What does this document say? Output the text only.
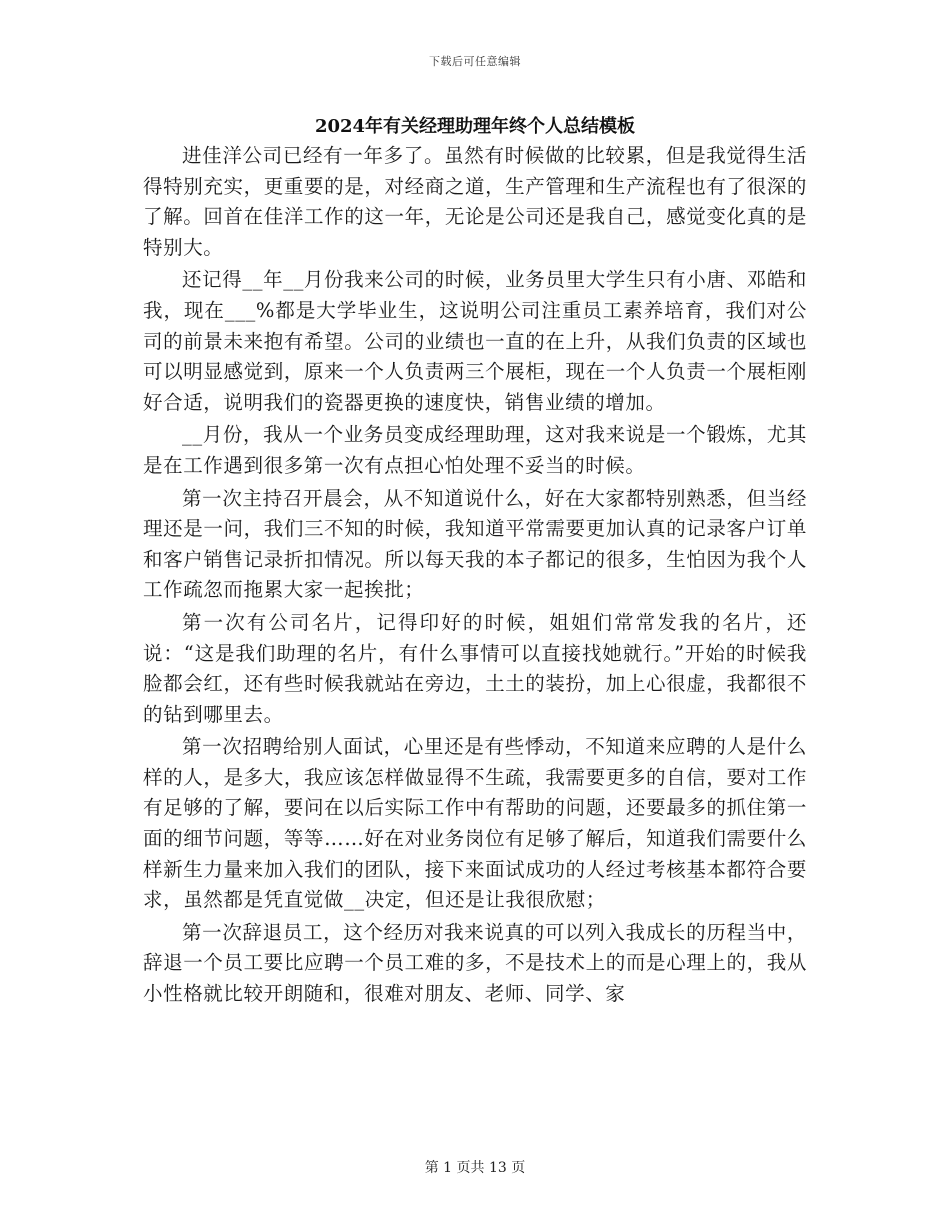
下载后可任意编辑
2024年有关经理助理年终个人总结模板

进佳洋公司已经有一年多了。虽然有时候做的比较累，但是我觉得生活得特别充实，更重要的是，对经商之道，生产管理和生产流程也有了很深的了解。回首在佳洋工作的这一年，无论是公司还是我自己，感觉变化真的是特别大。

还记得__年__月份我来公司的时候，业务员里大学生只有小唐、邓皓和我，现在___%都是大学毕业生，这说明公司注重员工素养培育，我们对公司的前景未来抱有希望。公司的业绩也一直的在上升，从我们负责的区域也可以明显感觉到，原来一个人负责两三个展柜，现在一个人负责一个展柜刚好合适，说明我们的瓷器更换的速度快，销售业绩的增加。

__月份，我从一个业务员变成经理助理，这对我来说是一个锻炼，尤其是在工作遇到很多第一次有点担心怕处理不妥当的时候。

第一次主持召开晨会，从不知道说什么，好在大家都特别熟悉，但当经理还是一问，我们三不知的时候，我知道平常需要更加认真的记录客户订单和客户销售记录折扣情况。所以每天我的本子都记的很多，生怕因为我个人工作疏忽而拖累大家一起挨批；

第一次有公司名片，记得印好的时候，姐姐们常常发我的名片，还说：“这是我们助理的名片，有什么事情可以直接找她就行。”开始的时候我脸都会红，还有些时候我就站在旁边，土土的装扮，加上心很虚，我都很不的钻到哪里去。

第一次招聘给别人面试，心里还是有些悸动，不知道来应聘的人是什么样的人，是多大，我应该怎样做显得不生疏，我需要更多的自信，要对工作有足够的了解，要问在以后实际工作中有帮助的问题，还要最多的抓住第一面的细节问题，等等……好在对业务岗位有足够了解后，知道我们需要什么样新生力量来加入我们的团队，接下来面试成功的人经过考核基本都符合要求，虽然都是凭直觉做__决定，但还是让我很欣慰；

第一次辞退员工，这个经历对我来说真的可以列入我成长的历程当中，辞退一个员工要比应聘一个员工难的多，不是技术上的而是心理上的，我从小性格就比较开朗随和，很难对朋友、老师、同学、家

第 1 页共 13 页
